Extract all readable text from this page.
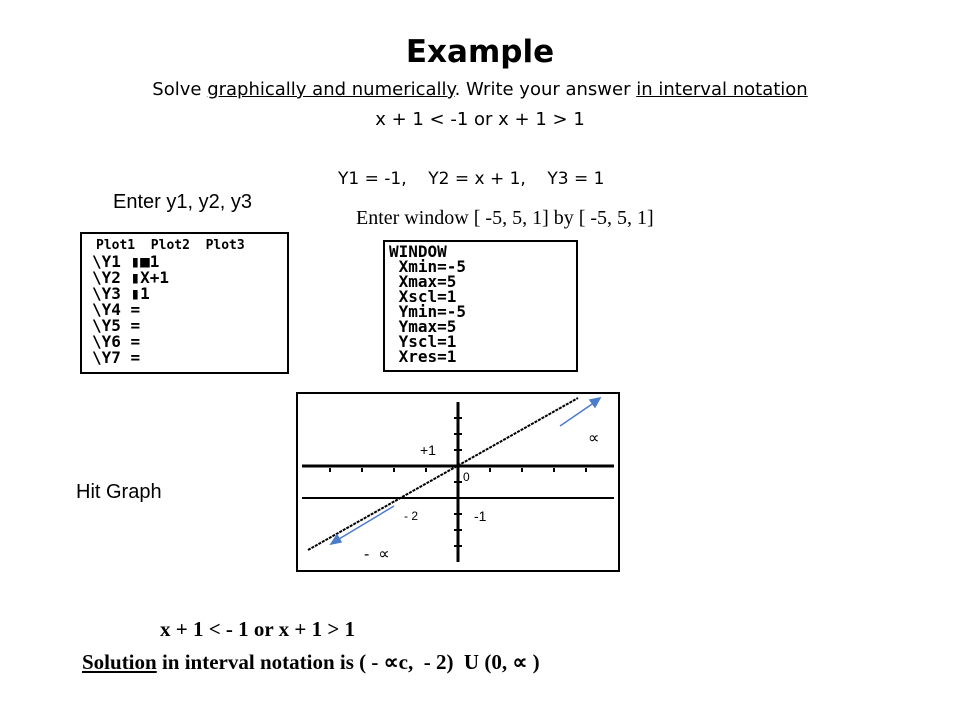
Example
Solve graphically and numerically. Write your answer in interval notation
x + 1 < -1 or x + 1 > 1
Y1 = -1,    Y2 = x + 1,    Y3 = 1
Enter y1, y2, y3
Enter window [ -5, 5, 1] by [ -5, 5, 1]
Plot1  Plot2  Plot3
\Y1 ▮■1
\Y2 ▮X+1
\Y3 ▮1
\Y4 =
\Y5 =
\Y6 =
\Y7 =
WINDOW
Xmin=-5
Xmax=5
Xscl=1
Ymin=-5
Ymax=5
Yscl=1
Xres=1
Hit Graph
+1
0
∝
- 2	-1
-  ∝
x + 1 < - 1 or x + 1 > 1
Solution in interval notation is ( - ∝c,  - 2)  U (0, ∝ )
